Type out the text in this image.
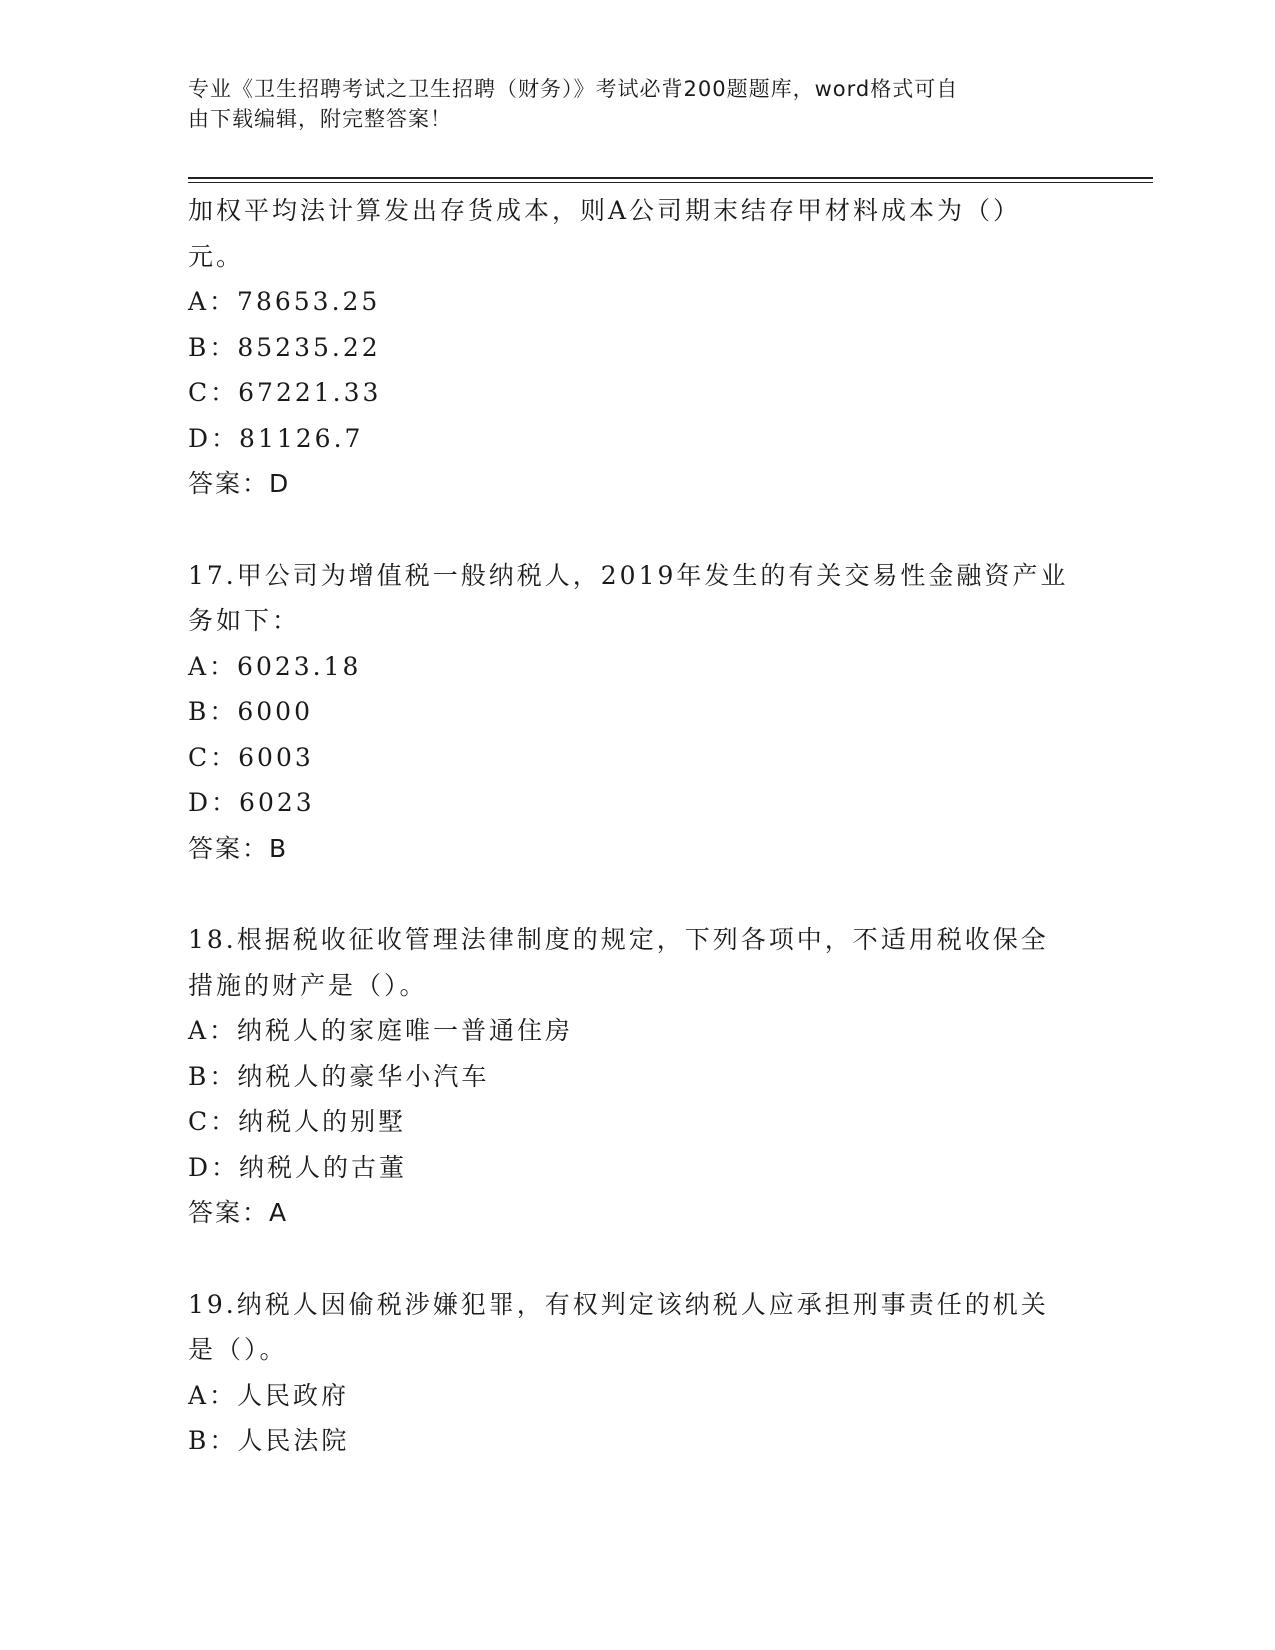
专业《卫生招聘考试之卫生招聘（财务）》考试必背200题题库，word格式可自
由下载编辑，附完整答案！
加权平均法计算发出存货成本，则A公司期末结存甲材料成本为（）
元。
A：78653.25
B：85235.22
C：67221.33
D：81126.7
答案：D
17.甲公司为增值税一般纳税人，2019年发生的有关交易性金融资产业
务如下：
A：6023.18
B：6000
C：6003
D：6023
答案：B
18.根据税收征收管理法律制度的规定，下列各项中，不适用税收保全
措施的财产是（）。
A：纳税人的家庭唯一普通住房
B：纳税人的豪华小汽车
C：纳税人的别墅
D：纳税人的古董
答案：A
19.纳税人因偷税涉嫌犯罪，有权判定该纳税人应承担刑事责任的机关
是（）。
A：人民政府
B：人民法院
